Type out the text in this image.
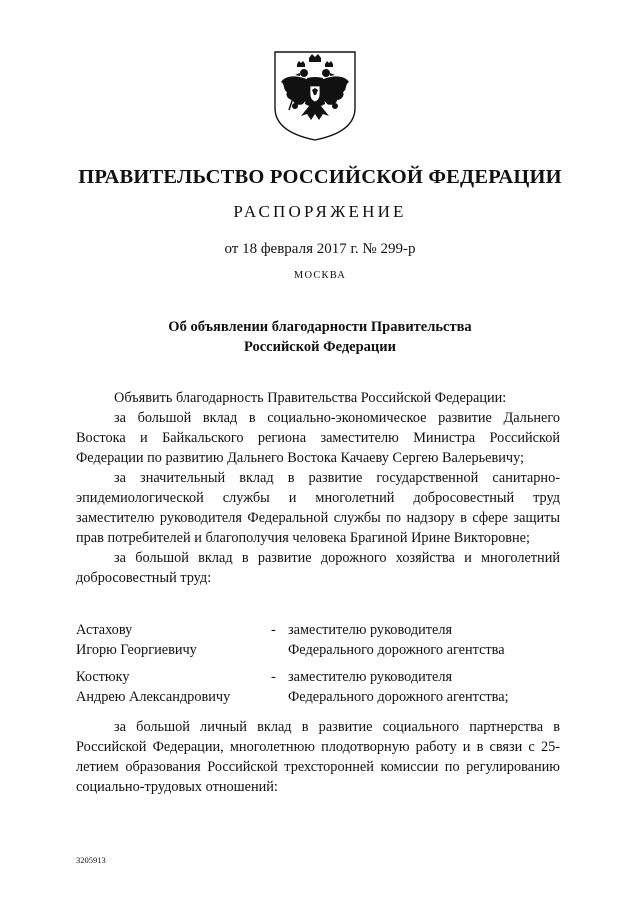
ПРАВИТЕЛЬСТВО РОССИЙСКОЙ ФЕДЕРАЦИИ
РАСПОРЯЖЕНИЕ
от 18 февраля 2017 г. № 299-р
МОСКВА
Об объявлении благодарности Правительства
Российской Федерации

Объявить благодарность Правительства Российской Федерации:

за большой вклад в социально-экономическое развитие Дальнего Востока и Байкальского региона заместителю Министра Российской Федерации по развитию Дальнего Востока Качаеву Сергею Валерьевичу;

за значительный вклад в развитие государственной санитарно-эпидемиологической службы и многолетний добросовестный труд заместителю руководителя Федеральной службы по надзору в сфере защиты прав потребителей и благополучия человека Брагиной Ирине Викторовне;

за большой вклад в развитие дорожного хозяйства и многолетний добросовестный труд:

Астахову
Игорю Георгиевичу
- заместителю руководителя
Федерального дорожного агентства
Костюку
Андрею Александровичу
- заместителю руководителя
Федерального дорожного агентства;

за большой личный вклад в развитие социального партнерства в Российской Федерации, многолетнюю плодотворную работу и в связи с 25-летием образования Российской трехсторонней комиссии по регулированию социально-трудовых отношений:

3205913
